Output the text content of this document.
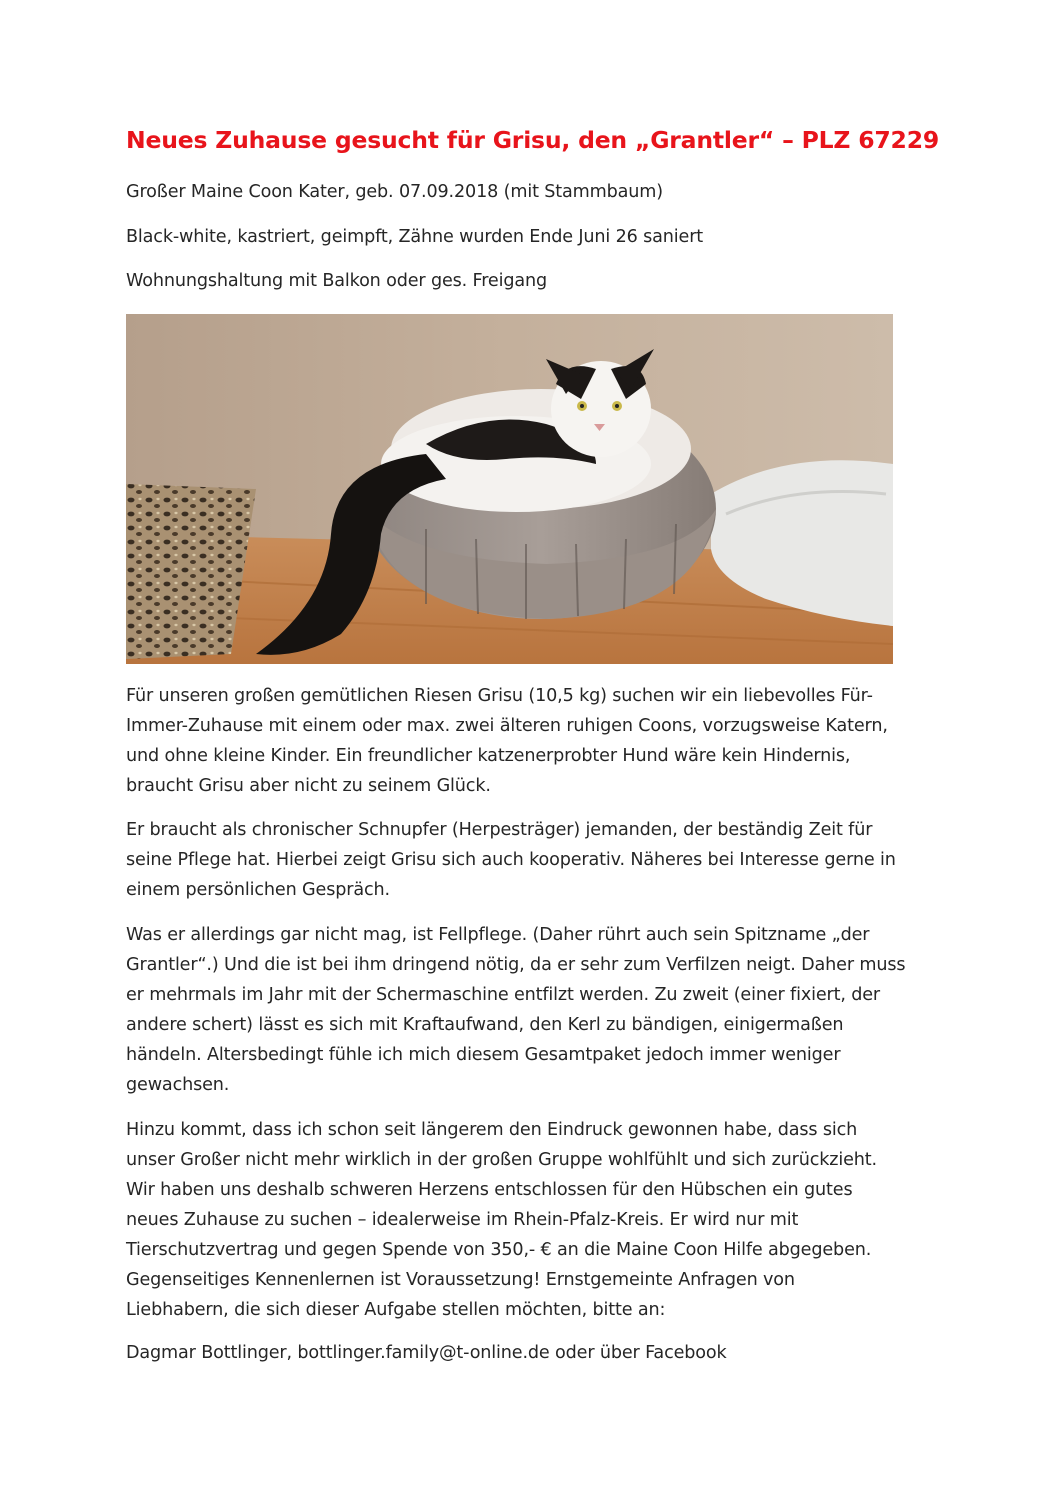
Neues Zuhause gesucht für Grisu, den „Grantler“ – PLZ 67229

Großer Maine Coon Kater, geb. 07.09.2018 (mit Stammbaum)

Black-white, kastriert, geimpft, Zähne wurden Ende Juni 26 saniert

Wohnungshaltung mit Balkon oder ges. Freigang

Für unseren großen gemütlichen Riesen Grisu (10,5 kg) suchen wir ein liebevolles Für-
Immer-Zuhause mit einem oder max. zwei älteren ruhigen Coons, vorzugsweise Katern,
und ohne kleine Kinder. Ein freundlicher katzenerprobter Hund wäre kein Hindernis,
braucht Grisu aber nicht zu seinem Glück.
Er braucht als chronischer Schnupfer (Herpesträger) jemanden, der beständig Zeit für
seine Pflege hat. Hierbei zeigt Grisu sich auch kooperativ. Näheres bei Interesse gerne in
einem persönlichen Gespräch.
Was er allerdings gar nicht mag, ist Fellpflege. (Daher rührt auch sein Spitzname „der
Grantler“.) Und die ist bei ihm dringend nötig, da er sehr zum Verfilzen neigt. Daher muss
er mehrmals im Jahr mit der Schermaschine entfilzt werden. Zu zweit (einer fixiert, der
andere schert) lässt es sich mit Kraftaufwand, den Kerl zu bändigen, einigermaßen
händeln. Altersbedingt fühle ich mich diesem Gesamtpaket jedoch immer weniger
gewachsen.
Hinzu kommt, dass ich schon seit längerem den Eindruck gewonnen habe, dass sich
unser Großer nicht mehr wirklich in der großen Gruppe wohlfühlt und sich zurückzieht.
Wir haben uns deshalb schweren Herzens entschlossen für den Hübschen ein gutes
neues Zuhause zu suchen – idealerweise im Rhein-Pfalz-Kreis. Er wird nur mit
Tierschutzvertrag und gegen Spende von 350,- € an die Maine Coon Hilfe abgegeben.
Gegenseitiges Kennenlernen ist Voraussetzung! Ernstgemeinte Anfragen von
Liebhabern, die sich dieser Aufgabe stellen möchten, bitte an:

Dagmar Bottlinger, bottlinger.family@t-online.de oder über Facebook
